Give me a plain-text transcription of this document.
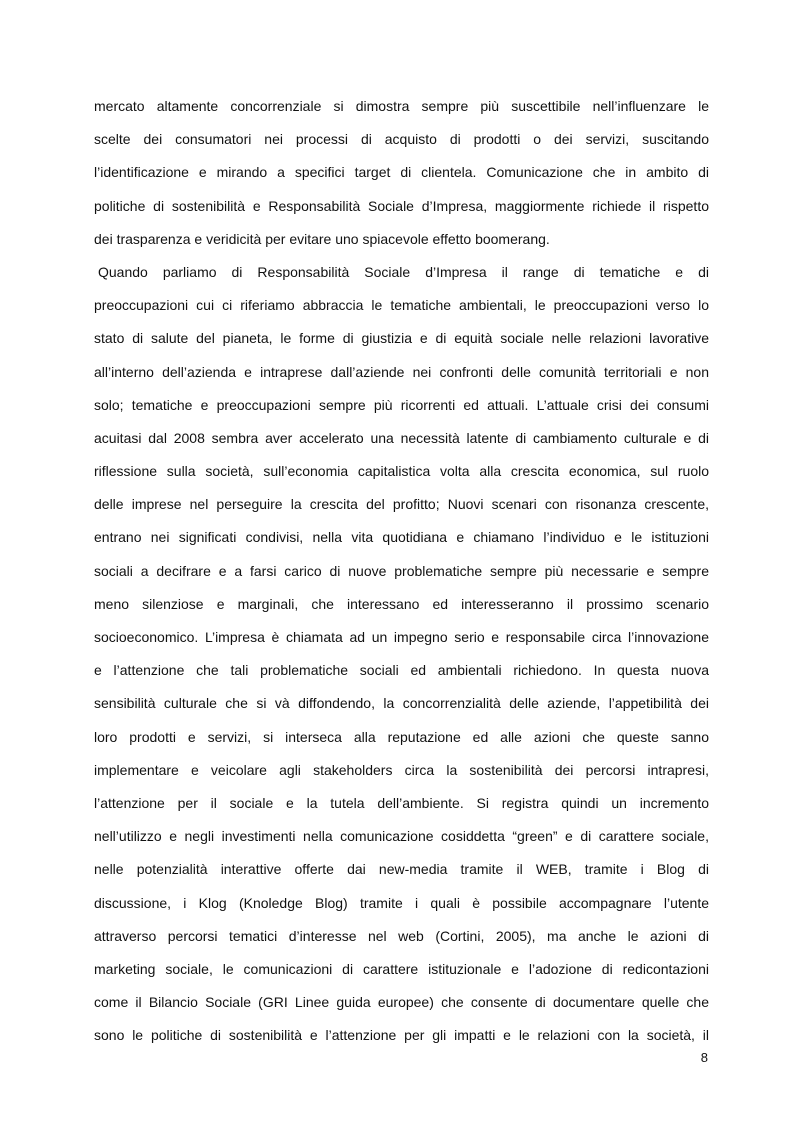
mercato altamente concorrenziale si dimostra sempre più suscettibile nell’influenzare le
scelte dei consumatori nei processi di acquisto di prodotti o dei servizi, suscitando
l’identificazione e mirando a specifici target di clientela. Comunicazione che in ambito di
politiche di sostenibilità e Responsabilità Sociale d’Impresa, maggiormente richiede il rispetto
dei trasparenza e veridicità per evitare uno spiacevole effetto boomerang.
Quando parliamo di Responsabilità Sociale d’Impresa il range di tematiche e di
preoccupazioni cui ci riferiamo abbraccia le tematiche ambientali, le preoccupazioni verso lo
stato di salute del pianeta, le forme di giustizia e di equità sociale nelle relazioni lavorative
all’interno dell’azienda e intraprese dall’aziende nei confronti delle comunità territoriali e non
solo; tematiche e preoccupazioni sempre più ricorrenti ed attuali. L’attuale crisi dei consumi
acuitasi dal 2008 sembra aver accelerato una necessità latente di cambiamento culturale e di
riflessione sulla società, sull’economia capitalistica volta alla crescita economica, sul ruolo
delle imprese nel perseguire la crescita del profitto; Nuovi scenari con risonanza crescente,
entrano nei significati condivisi, nella vita quotidiana e chiamano l’individuo e le istituzioni
sociali a decifrare e a farsi carico di nuove problematiche sempre più necessarie e sempre
meno silenziose e marginali, che interessano ed interesseranno il prossimo scenario
socioeconomico. L’impresa è chiamata ad un impegno serio e responsabile circa l’innovazione
e l’attenzione che tali problematiche sociali ed ambientali richiedono. In questa nuova
sensibilità culturale che si và diffondendo, la concorrenzialità delle aziende, l’appetibilità dei
loro prodotti e servizi, si interseca alla reputazione ed alle azioni che queste sanno
implementare e veicolare agli stakeholders circa la sostenibilità dei percorsi intrapresi,
l’attenzione per il sociale e la tutela dell’ambiente. Si registra quindi un incremento
nell’utilizzo e negli investimenti nella comunicazione cosiddetta “green” e di carattere sociale,
nelle potenzialità interattive offerte dai new-media tramite il WEB, tramite i Blog di
discussione, i Klog (Knoledge Blog) tramite i quali è possibile accompagnare l’utente
attraverso percorsi tematici d’interesse nel web (Cortini, 2005), ma anche le azioni di
marketing sociale, le comunicazioni di carattere istituzionale e l’adozione di redicontazioni
come il Bilancio Sociale (GRI Linee guida europee) che consente di documentare quelle che
sono le politiche di sostenibilità e l’attenzione per gli impatti e le relazioni con la società, il
8
